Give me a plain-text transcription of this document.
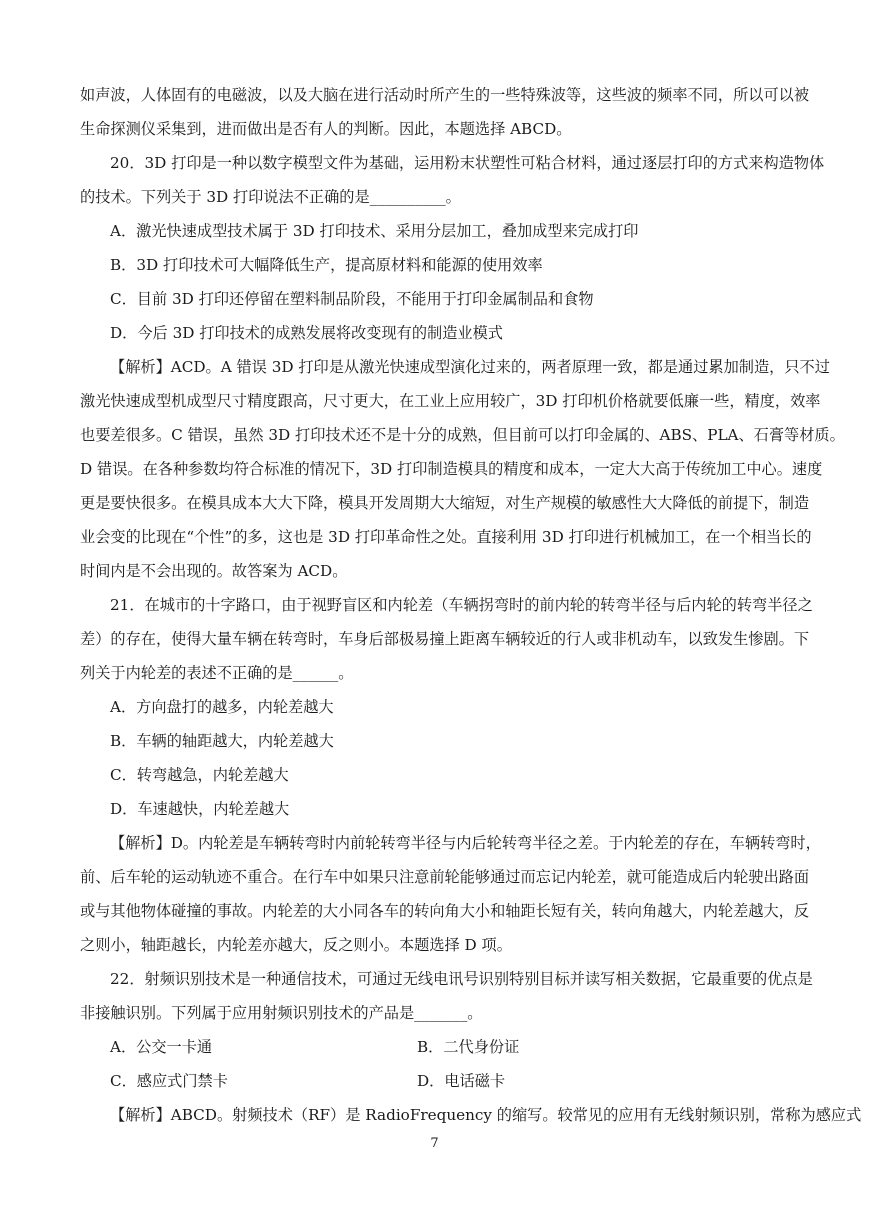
如声波，人体固有的电磁波，以及大脑在进行活动时所产生的一些特殊波等，这些波的频率不同，所以可以被
生命探测仪采集到，进而做出是否有人的判断。因此，本题选择 ABCD。
20．3D 打印是一种以数字模型文件为基础，运用粉末状塑性可粘合材料，通过逐层打印的方式来构造物体
的技术。下列关于 3D 打印说法不正确的是__________。
A．激光快速成型技术属于 3D 打印技术、采用分层加工，叠加成型来完成打印
B．3D 打印技术可大幅降低生产，提高原材料和能源的使用效率
C．目前 3D 打印还停留在塑料制品阶段，不能用于打印金属制品和食物
D．今后 3D 打印技术的成熟发展将改变现有的制造业模式
【解析】ACD。A 错误 3D 打印是从激光快速成型演化过来的，两者原理一致，都是通过累加制造，只不过
激光快速成型机成型尺寸精度跟高，尺寸更大，在工业上应用较广，3D 打印机价格就要低廉一些，精度，效率
也要差很多。C 错误，虽然 3D 打印技术还不是十分的成熟，但目前可以打印金属的、ABS、PLA、石膏等材质。
D 错误。在各种参数均符合标准的情况下，3D 打印制造模具的精度和成本，一定大大高于传统加工中心。速度
更是要快很多。在模具成本大大下降，模具开发周期大大缩短，对生产规模的敏感性大大降低的前提下，制造
业会变的比现在“个性”的多，这也是 3D 打印革命性之处。直接利用 3D 打印进行机械加工，在一个相当长的
时间内是不会出现的。故答案为 ACD。
21．在城市的十字路口，由于视野盲区和内轮差（车辆拐弯时的前内轮的转弯半径与后内轮的转弯半径之
差）的存在，使得大量车辆在转弯时，车身后部极易撞上距离车辆较近的行人或非机动车，以致发生惨剧。下
列关于内轮差的表述不正确的是______。
A．方向盘打的越多，内轮差越大
B．车辆的轴距越大，内轮差越大
C．转弯越急，内轮差越大
D．车速越快，内轮差越大
【解析】D。内轮差是车辆转弯时内前轮转弯半径与内后轮转弯半径之差。于内轮差的存在，车辆转弯时，
前、后车轮的运动轨迹不重合。在行车中如果只注意前轮能够通过而忘记内轮差，就可能造成后内轮驶出路面
或与其他物体碰撞的事故。内轮差的大小同各车的转向角大小和轴距长短有关，转向角越大，内轮差越大，反
之则小，轴距越长，内轮差亦越大，反之则小。本题选择 D 项。
22．射频识别技术是一种通信技术，可通过无线电讯号识别特别目标并读写相关数据，它最重要的优点是
非接触识别。下列属于应用射频识别技术的产品是_______。
A．公交一卡通	B．二代身份证
C．感应式门禁卡	D．电话磁卡
【解析】ABCD。射频技术（RF）是 RadioFrequency 的缩写。较常见的应用有无线射频识别，常称为感应式
7
